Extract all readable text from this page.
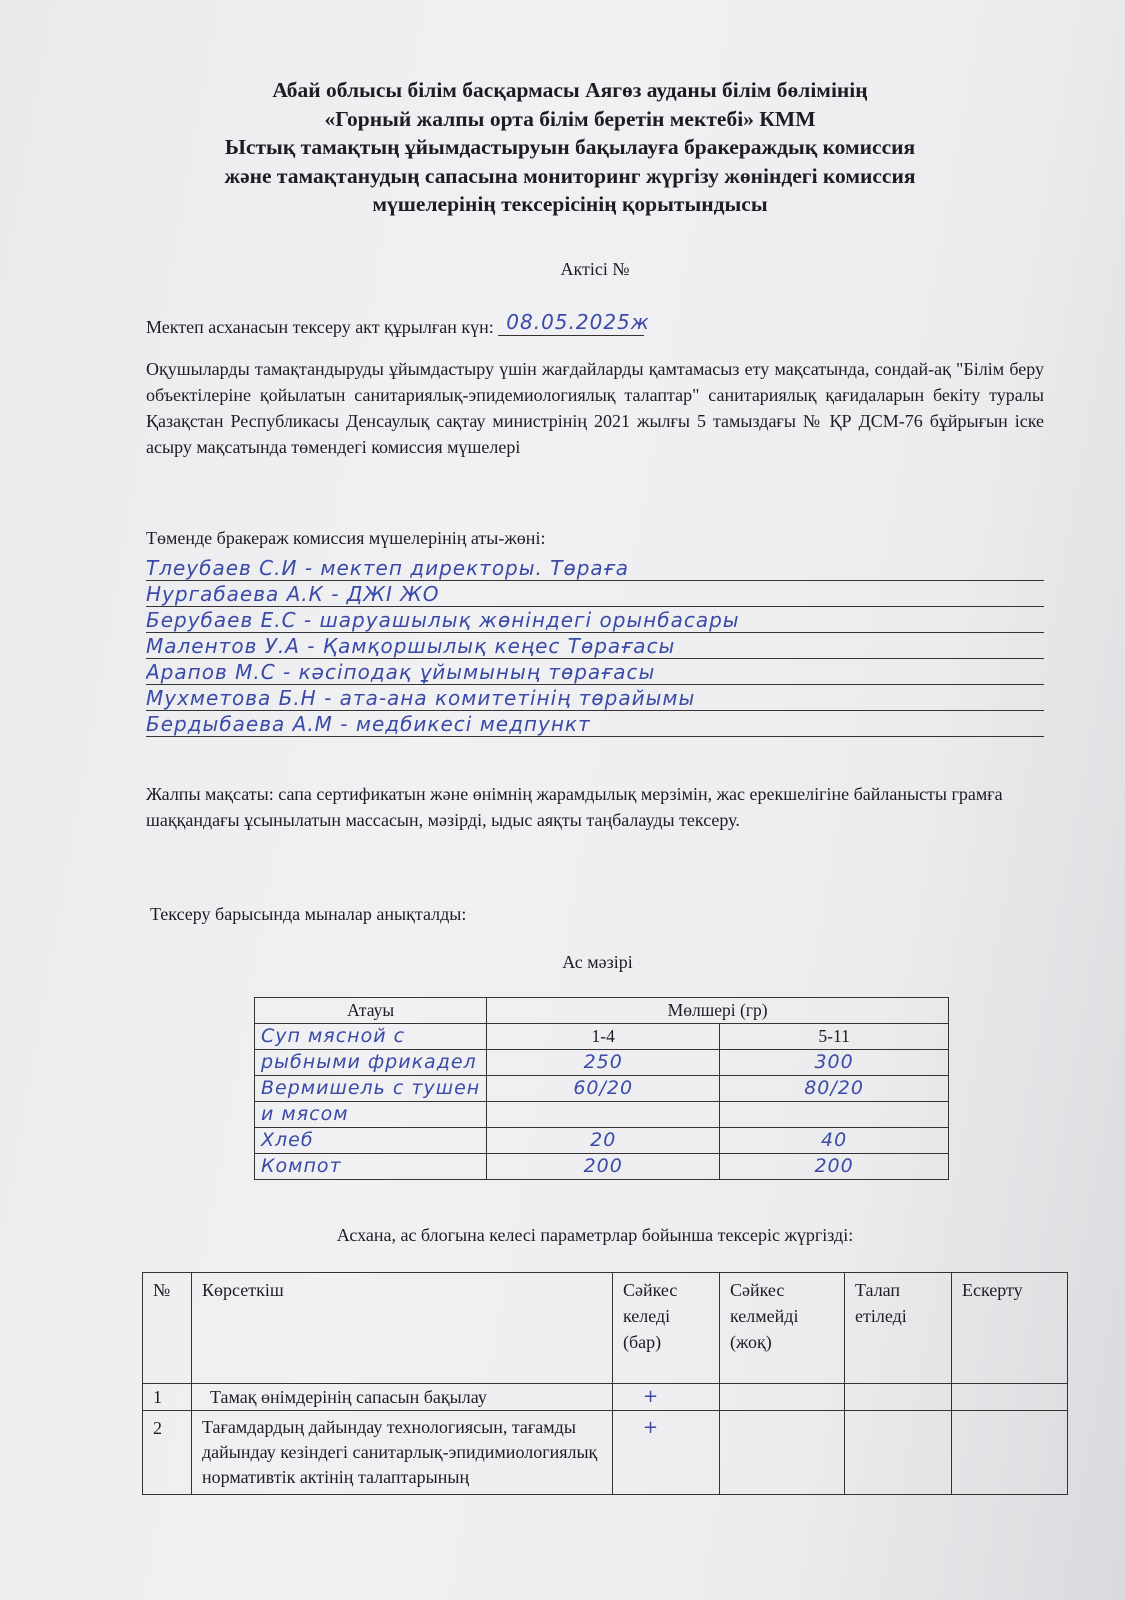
Абай облысы білім басқармасы Аягөз ауданы білім бөлімінің
«Горный жалпы орта білім беретін мектебі» КММ
Ыстық тамақтың ұйымдастыруын бақылауға бракераждық комиссия
және тамақтанудың сапасына мониторинг жүргізу жөніндегі комиссия
мүшелерінің тексерісінің қорытындысы
Актісі №
Мектеп асханасын тексеру акт құрылған күн: 08.05.2025ж
Оқушыларды тамақтандыруды ұйымдастыру үшін жағдайларды қамтамасыз ету мақсатында, сондай-ақ "Білім беру объектілеріне қойылатын санитариялық-эпидемиологиялық талаптар" санитариялық қағидаларын бекіту туралы Қазақстан Республикасы Денсаулық сақтау министрінің 2021 жылғы 5 тамыздағы № ҚР ДСМ-76 бұйрығын іске асыру мақсатында төмендегі комиссия мүшелері
Төменде бракераж комиссия мүшелерінің аты-жөні:
Тлеубаев С.И - мектеп директоры. Төраға
Нургабаева А.К - ДЖІ ЖО
Берубаев Е.С - шаруашылық жөніндегі орынбасары
Малентов У.А - Қамқоршылық кеңес Төрағасы
Арапов М.С - кәсіподақ ұйымының төрағасы
Мухметова Б.Н - ата-ана комитетінің төрайымы
Бердыбаева А.М - медбикесі медпункт
Жалпы мақсаты: сапа сертификатын және өнімнің жарамдылық мерзімін, жас ерекшелігіне байланысты грамға шаққандағы ұсынылатын массасын, мәзірді, ыдыс аяқты таңбалауды тексеру.
Тексеру барысында мыналар анықталды:
Ас мәзірі
Атауы	Мөлшері (гр)	
Суп мясной с	1-4	5-11
рыбными фрикадел	250	300
Вермишель с тушен	60/20	80/20
и мясом		
Хлеб	20	40
Компот	200	200
Асхана, ас блогына келесі параметрлар бойынша тексеріс жүргізді:
№	Көрсеткіш	Сәйкес келеді (бар)	Сәйкес келмейді (жоқ)	Талап етіледі	Ескерту
1	Тамақ өнімдерінің сапасын бақылау	+			
2	Тағамдардың дайындау технологиясын, тағамды дайындау кезіндегі санитарлық-эпидимиологиялық нормативтік актінің талаптарының	+			
